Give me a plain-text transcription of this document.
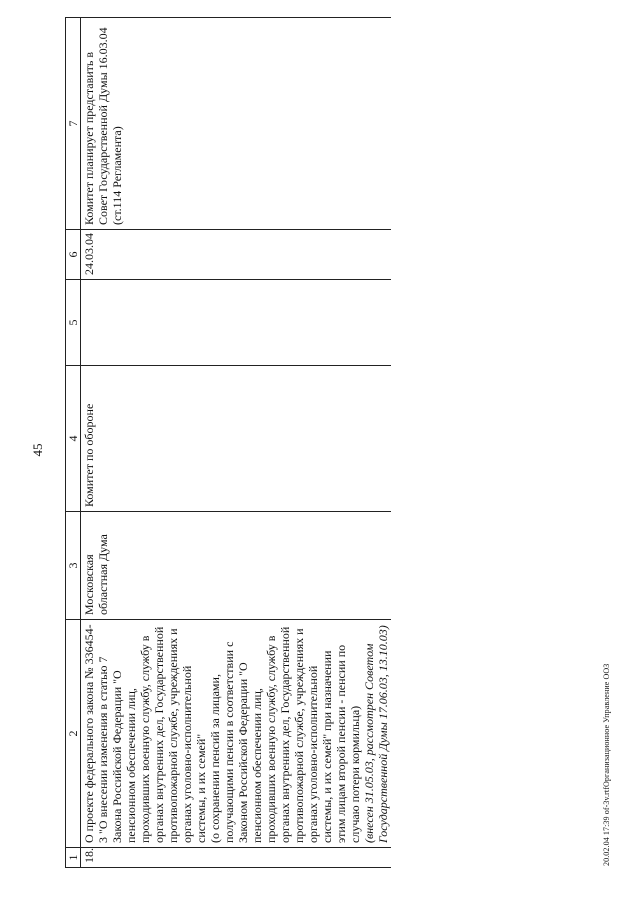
45
1	2	3	4	5	6	7
18.	О проекте федерального закона № 336454-3 "О внесении изменения в статью 7 Закона Российской Федерации "О пенсионном обеспечении лиц, проходивших военную службу, службу в органах внутренних дел, Государственной противопожарной службе, учреждениях и органах уголовно-исполнительной системы, и их семей" (о сохранении пенсий за лицами, получающими пенсии в соответствии с Законом Российской Федерации "О пенсионном обеспечении лиц, проходивших военную службу, службу в органах внутренних дел, Государственной противопожарной службе, учреждениях и органах уголовно-исполнительной системы, и их семей" при назначении этим лицам второй пенсии - пенсии по случаю потери кормильца) (внесен 31.05.03, рассмотрен Советом Государственной Думы 17.06.03, 13.10.03)	Московская областная Дума	Комитет по обороне		24.03.04	Комитет планирует представить в Совет Государственной Думы 16.03.04 (ст.114 Регламента)
20.02.04 17:39 of-3v.rtfОрганизационное Управление ООЗ
